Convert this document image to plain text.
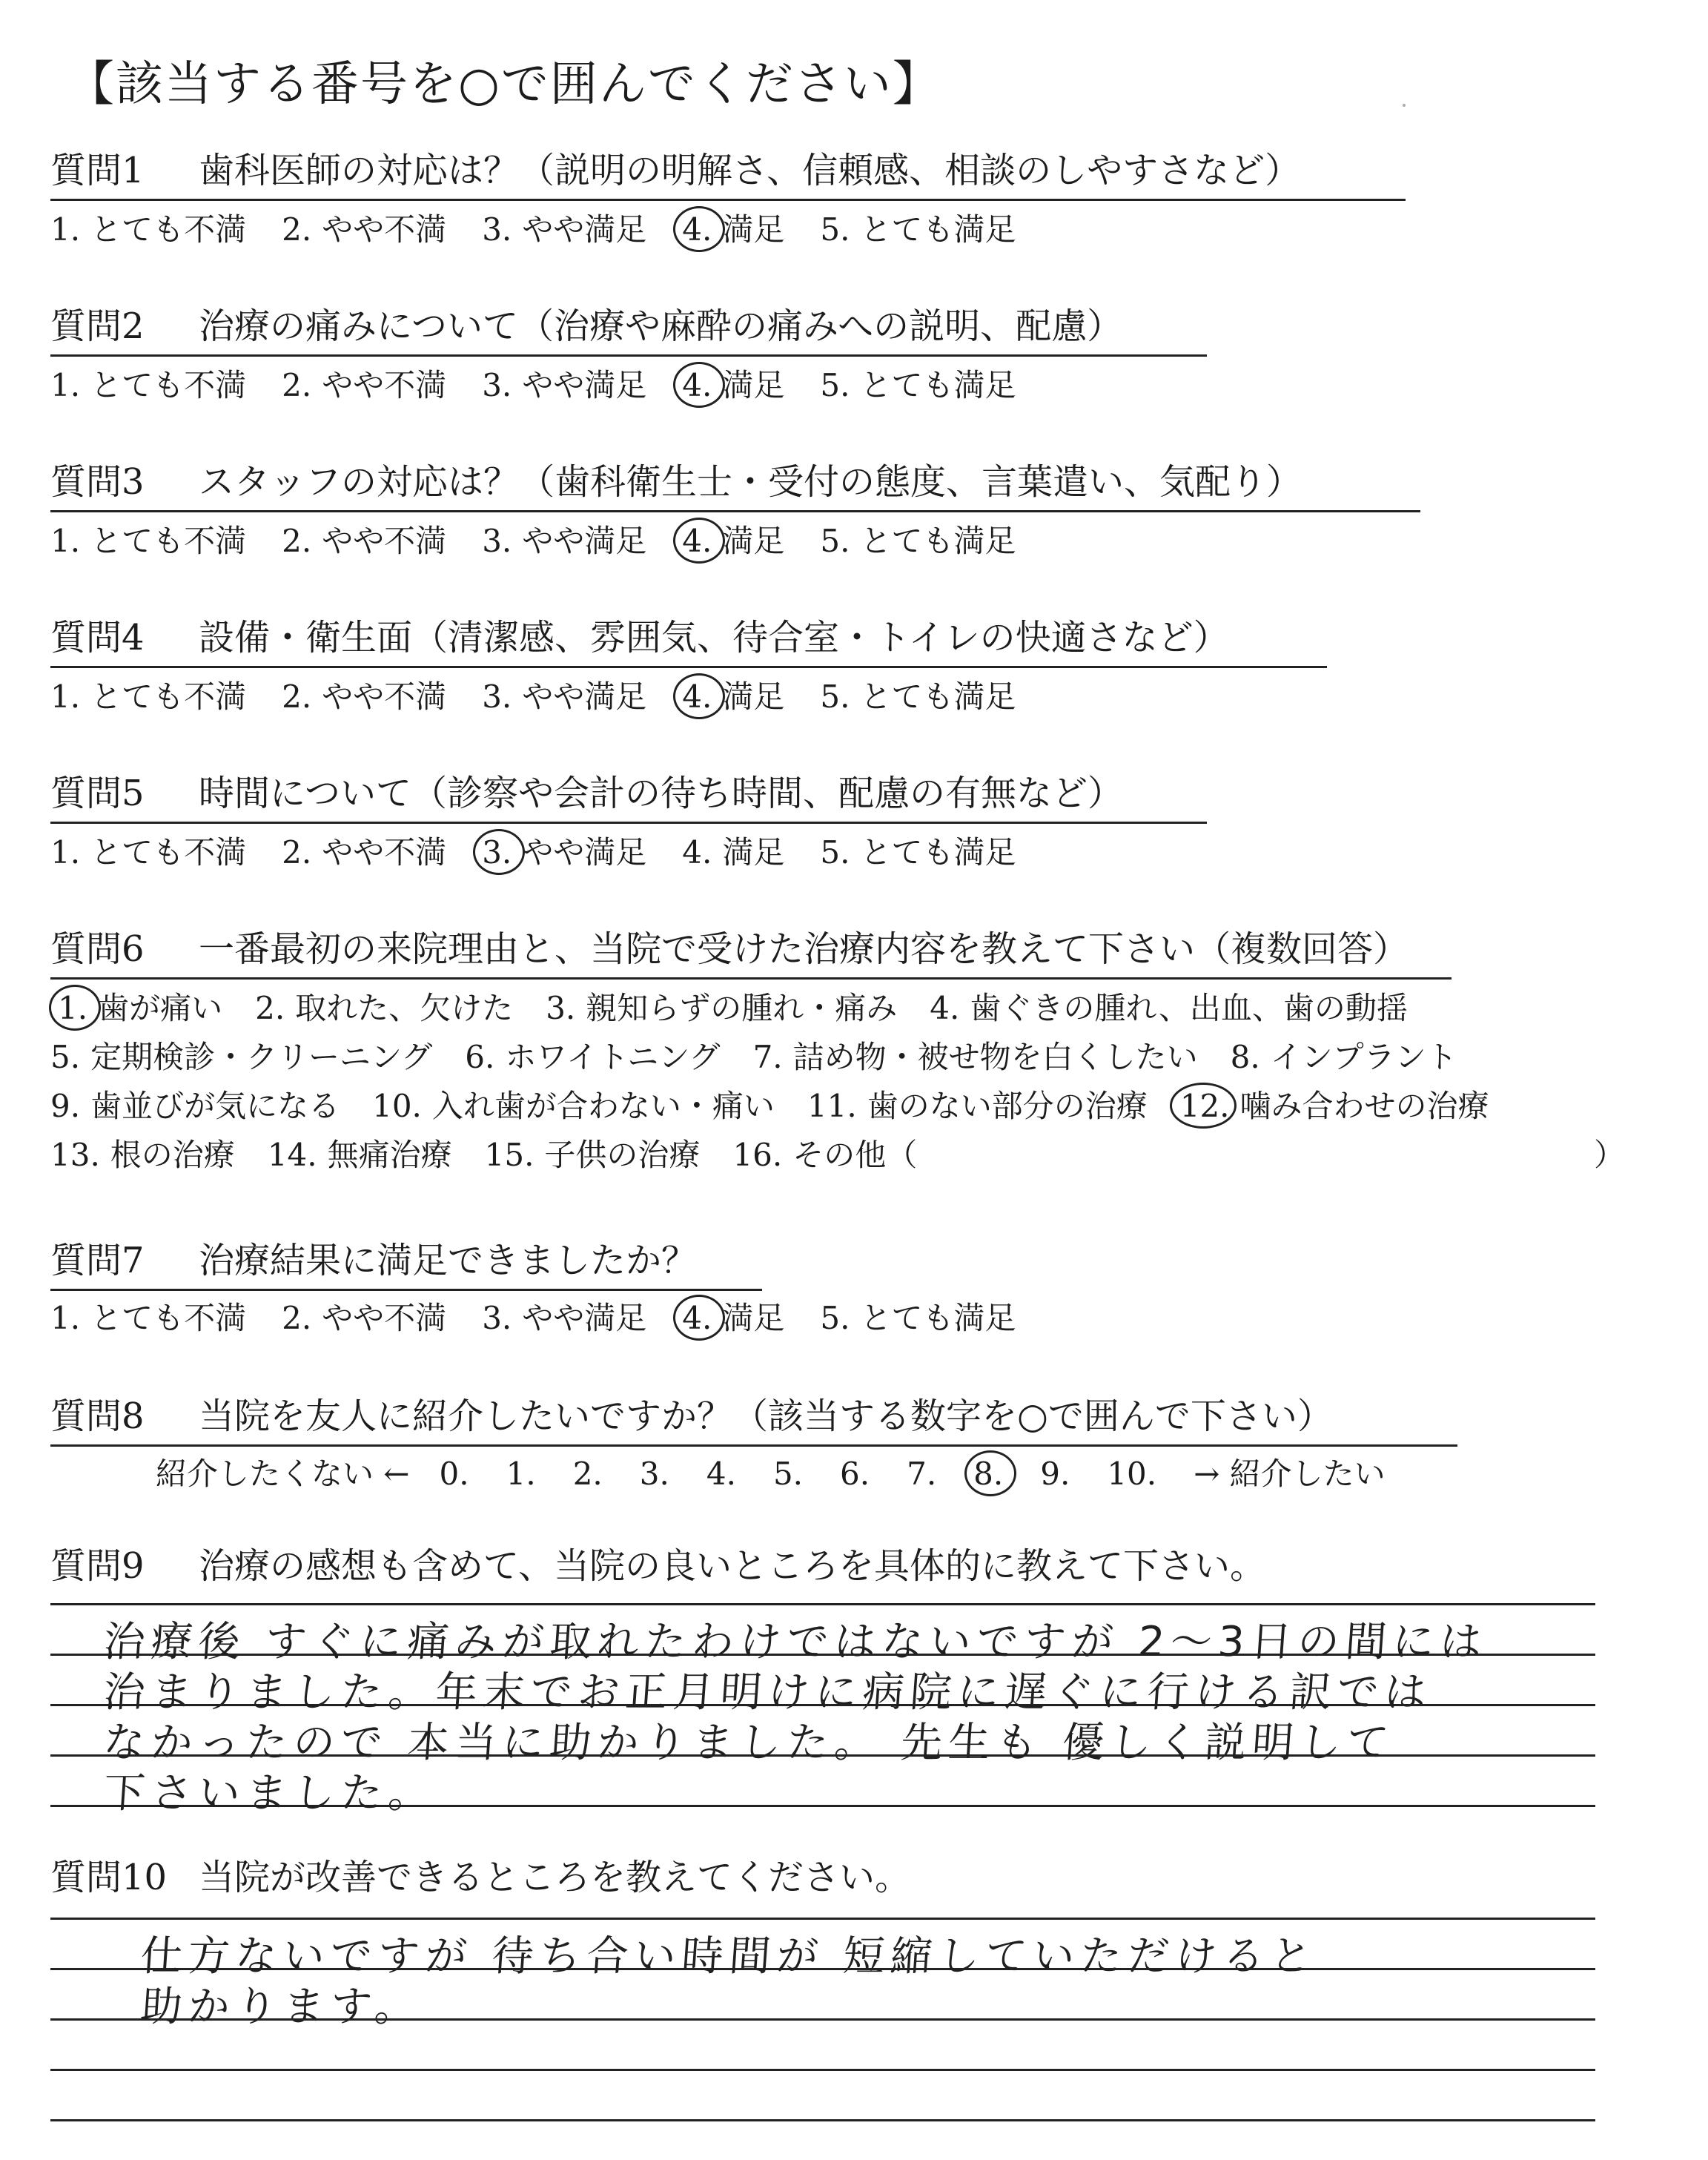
【該当する番号を○で囲んでください】
質問1 歯科医師の対応は？（説明の明解さ、信頼感、相談のしやすさなど）
1. とても不満 2. やや不満 3. やや満足 4. 満足 5. とても満足
質問2 治療の痛みについて（治療や麻酔の痛みへの説明、配慮）
1. とても不満 2. やや不満 3. やや満足 4. 満足 5. とても満足
質問3 スタッフの対応は？（歯科衛生士・受付の態度、言葉遣い、気配り）
1. とても不満 2. やや不満 3. やや満足 4. 満足 5. とても満足
質問4 設備・衛生面（清潔感、雰囲気、待合室・トイレの快適さなど）
1. とても不満 2. やや不満 3. やや満足 4. 満足 5. とても満足
質問5 時間について（診察や会計の待ち時間、配慮の有無など）
1. とても不満 2. やや不満 3. やや満足 4. 満足 5. とても満足
質問6 一番最初の来院理由と、当院で受けた治療内容を教えて下さい（複数回答）
1. 歯が痛い 2. 取れた、欠けた 3. 親知らずの腫れ・痛み 4. 歯ぐきの腫れ、出血、歯の動揺
5. 定期検診・クリーニング 6. ホワイトニング 7. 詰め物・被せ物を白くしたい 8. インプラント
9. 歯並びが気になる 10. 入れ歯が合わない・痛い 11. 歯のない部分の治療 12. 噛み合わせの治療
13. 根の治療 14. 無痛治療 15. 子供の治療 16. その他（	）
質問7 治療結果に満足できましたか？
1. とても不満 2. やや不満 3. やや満足 4. 満足 5. とても満足
質問8 当院を友人に紹介したいですか？（該当する数字を○で囲んで下さい）
紹介したくない ← 0. 1. 2. 3. 4. 5. 6. 7. 8. 9. 10. → 紹介したい
質問9 治療の感想も含めて、当院の良いところを具体的に教えて下さい。
治療後 すぐに痛みが取れたわけではないですが 2〜3日の間には
治まりました。年末でお正月明けに病院に遅ぐに行ける訳では
なかったので 本当に助かりました。 先生も 優しく説明して
下さいました。
質問10 当院が改善できるところを教えてください。
仕方ないですが 待ち合い時間が 短縮していただけると
助かります。
